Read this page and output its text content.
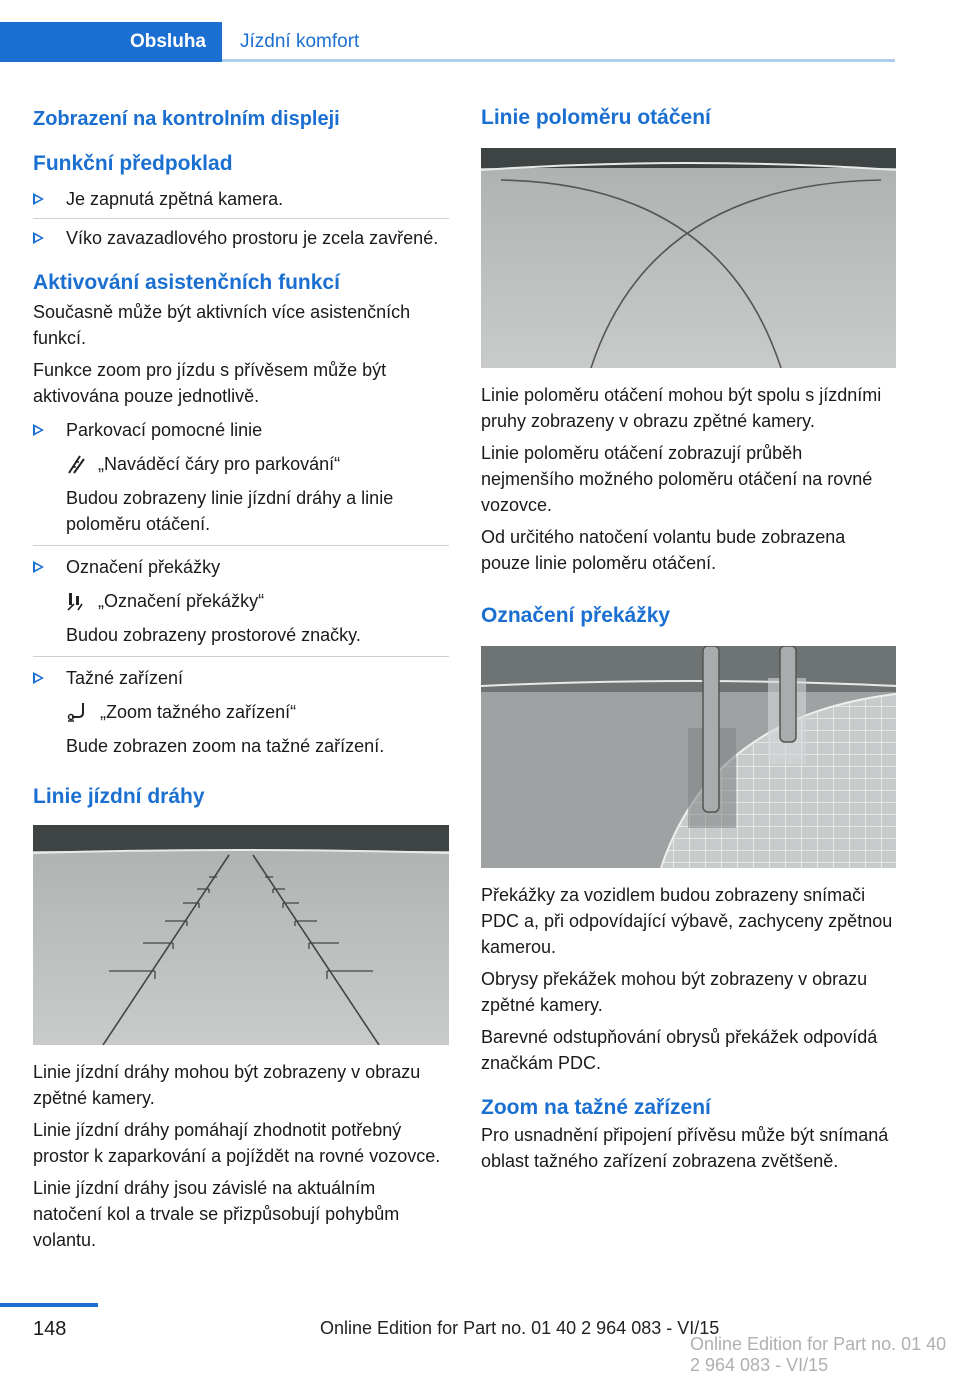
Obsluha	Jízdní komfort
Zobrazení na kontrolním displeji
Funkční předpoklad
Je zapnutá zpětná kamera.
Víko zavazadlového prostoru je zcela zavřené.
Aktivování asistenčních funkcí

Současně může být aktivních více asistenčních funkcí.

Funkce zoom pro jízdu s přívěsem může být aktivována pouze jednotlivě.

Parkovací pomocné linie
„Naváděcí čáry pro parkování“
Budou zobrazeny linie jízdní dráhy a linie poloměru otáčení.
Označení překážky
„Označení překážky“
Budou zobrazeny prostorové značky.
Tažné zařízení
„Zoom tažného zařízení“
Bude zobrazen zoom na tažné zařízení.
Linie jízdní dráhy

Linie jízdní dráhy mohou být zobrazeny v obrazu zpětné kamery.

Linie jízdní dráhy pomáhají zhodnotit potřebný prostor k zaparkování a pojíždět na rovné vozovce.

Linie jízdní dráhy jsou závislé na aktuálním natočení kol a trvale se přizpůsobují pohybům volantu.

Linie poloměru otáčení

Linie poloměru otáčení mohou být spolu s jízdními pruhy zobrazeny v obrazu zpětné kamery.

Linie poloměru otáčení zobrazují průběh nejmenšího možného poloměru otáčení na rovné vozovce.

Od určitého natočení volantu bude zobrazena pouze linie poloměru otáčení.

Označení překážky

Překážky za vozidlem budou zobrazeny snímači PDC a, při odpovídající výbavě, zachyceny zpětnou kamerou.

Obrysy překážek mohou být zobrazeny v obrazu zpětné kamery.

Barevné odstupňování obrysů překážek odpovídá značkám PDC.

Zoom na tažné zařízení

Pro usnadnění připojení přívěsu může být snímaná oblast tažného zařízení zobrazena zvětšeně.

148	Online Edition for Part no. 01 40 2 964 083 - VI/15
Online Edition for Part no. 01 40 2 964 083 - VI/15
